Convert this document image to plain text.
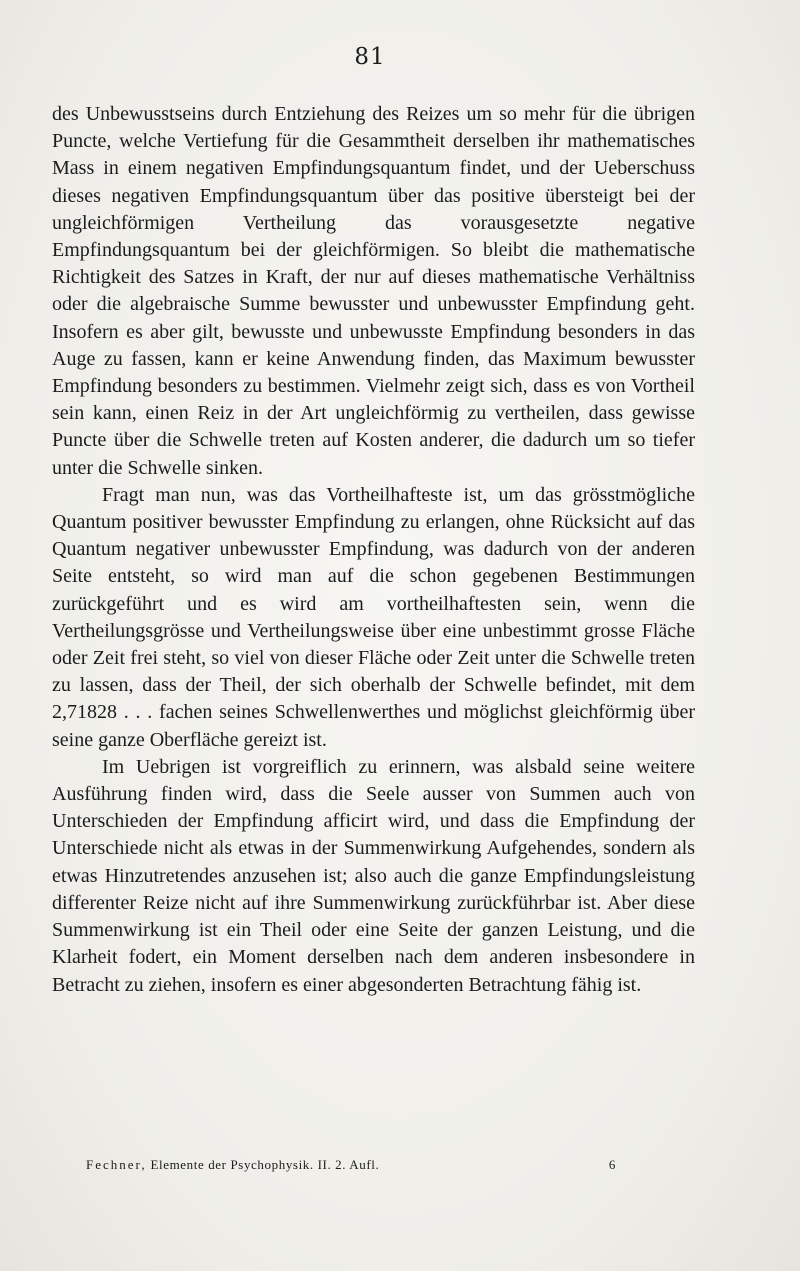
81

des Unbewusstseins durch Entziehung des Reizes um so mehr für die übrigen Puncte, welche Vertiefung für die Gesammtheit derselben ihr mathematisches Mass in einem negativen Empfindungsquantum findet, und der Ueberschuss dieses negativen Empfindungsquantum über das positive übersteigt bei der ungleichförmigen Vertheilung das vorausgesetzte negative Empfindungsquantum bei der gleichförmigen. So bleibt die mathematische Richtigkeit des Satzes in Kraft, der nur auf dieses mathematische Verhältniss oder die algebraische Summe bewusster und unbewusster Empfindung geht. Insofern es aber gilt, bewusste und unbewusste Empfindung besonders in das Auge zu fassen, kann er keine Anwendung finden, das Maximum bewusster Empfindung besonders zu bestimmen. Vielmehr zeigt sich, dass es von Vortheil sein kann, einen Reiz in der Art ungleichförmig zu vertheilen, dass gewisse Puncte über die Schwelle treten auf Kosten anderer, die dadurch um so tiefer unter die Schwelle sinken.

Fragt man nun, was das Vortheilhafteste ist, um das grösstmögliche Quantum positiver bewusster Empfindung zu erlangen, ohne Rücksicht auf das Quantum negativer unbewusster Empfindung, was dadurch von der anderen Seite entsteht, so wird man auf die schon gegebenen Bestimmungen zurückgeführt und es wird am vortheilhaftesten sein, wenn die Vertheilungsgrösse und Vertheilungsweise über eine unbestimmt grosse Fläche oder Zeit frei steht, so viel von dieser Fläche oder Zeit unter die Schwelle treten zu lassen, dass der Theil, der sich oberhalb der Schwelle befindet, mit dem 2,71828 . . . fachen seines Schwellenwerthes und möglichst gleichförmig über seine ganze Oberfläche gereizt ist.

Im Uebrigen ist vorgreiflich zu erinnern, was alsbald seine weitere Ausführung finden wird, dass die Seele ausser von Summen auch von Unterschieden der Empfindung afficirt wird, und dass die Empfindung der Unterschiede nicht als etwas in der Summenwirkung Aufgehendes, sondern als etwas Hinzutretendes anzusehen ist; also auch die ganze Empfindungsleistung differenter Reize nicht auf ihre Summenwirkung zurückführbar ist. Aber diese Summenwirkung ist ein Theil oder eine Seite der ganzen Leistung, und die Klarheit fodert, ein Moment derselben nach dem anderen insbesondere in Betracht zu ziehen, insofern es einer abgesonderten Betrachtung fähig ist.

Fechner, Elemente der Psychophysik. II. 2. Aufl.	6
